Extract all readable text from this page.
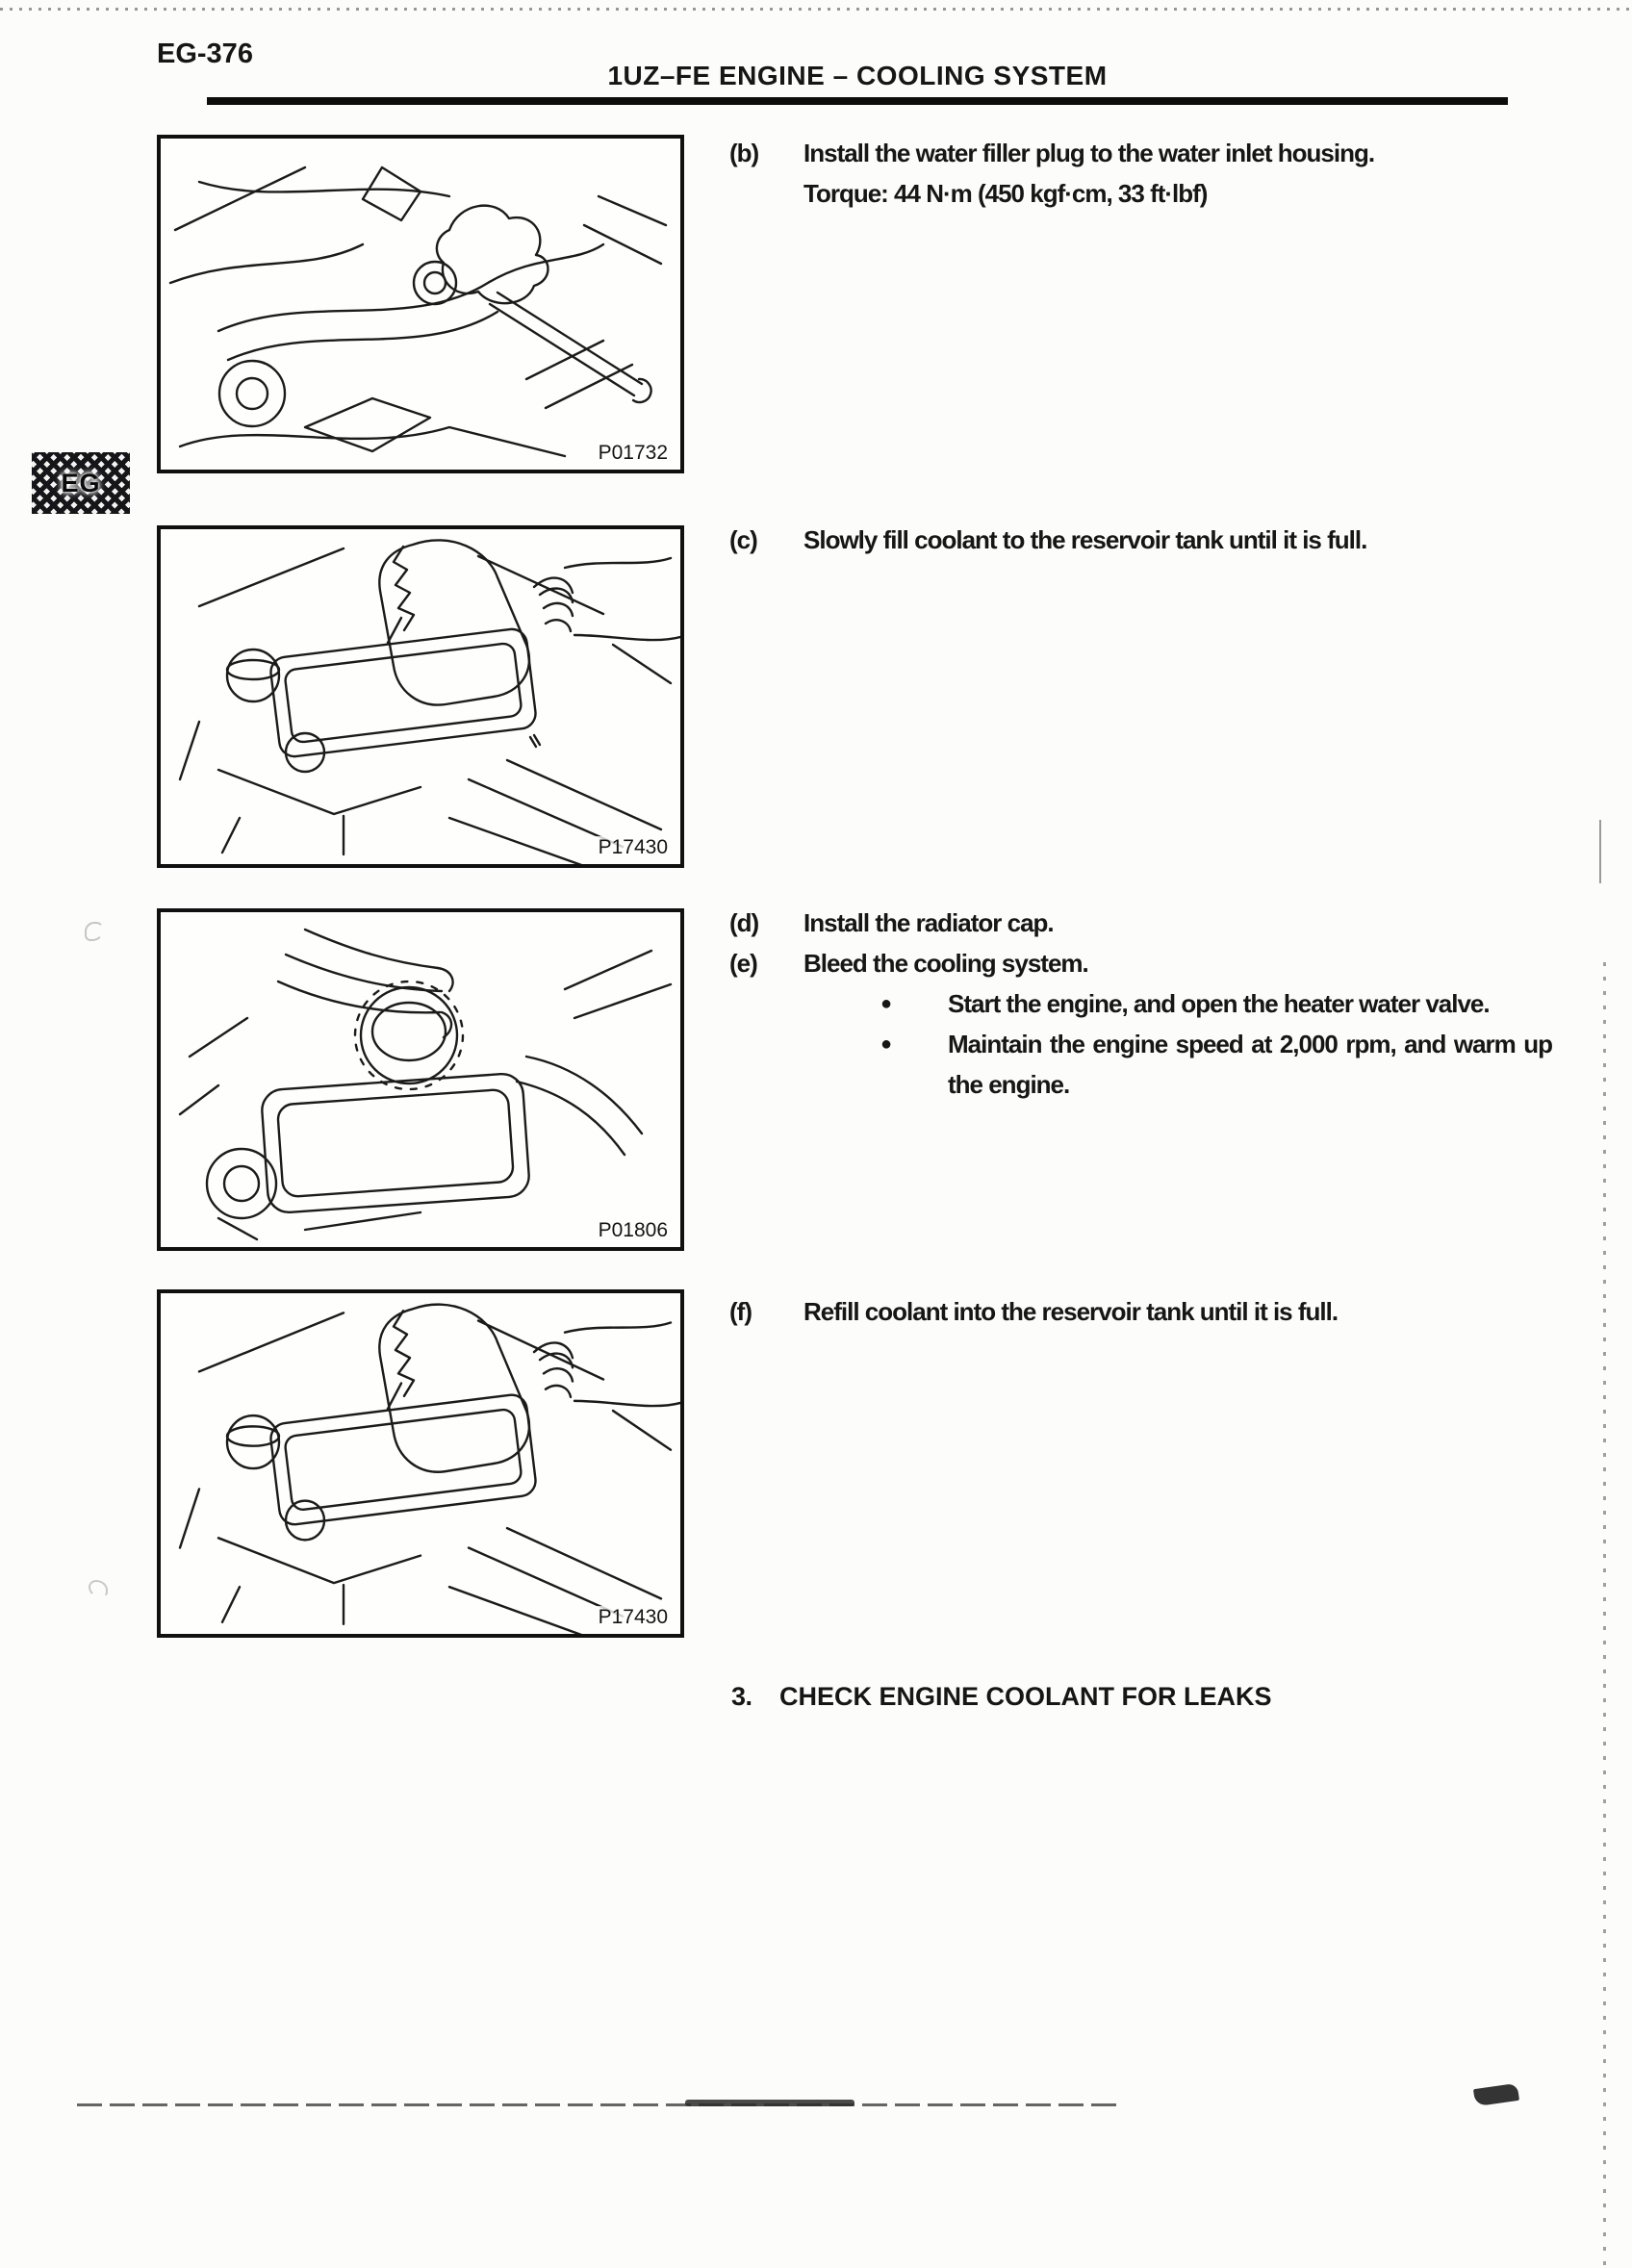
EG-376
1UZ–FE ENGINE – COOLING SYSTEM
EG
P01732
P17430
P01806
P17430
(b) Install the water filler plug to the water inlet housing.
Torque: 44 N·m (450 kgf·cm, 33 ft·lbf)
(c) Slowly fill coolant to the reservoir tank until it is full.
(d) Install the radiator cap.
(e) Bleed the cooling system.
●	Start the engine, and open the heater water valve.
●	Maintain the engine speed at 2,000 rpm, and warm up the engine.
(f) Refill coolant into the reservoir tank until it is full.
3. CHECK ENGINE COOLANT FOR LEAKS
